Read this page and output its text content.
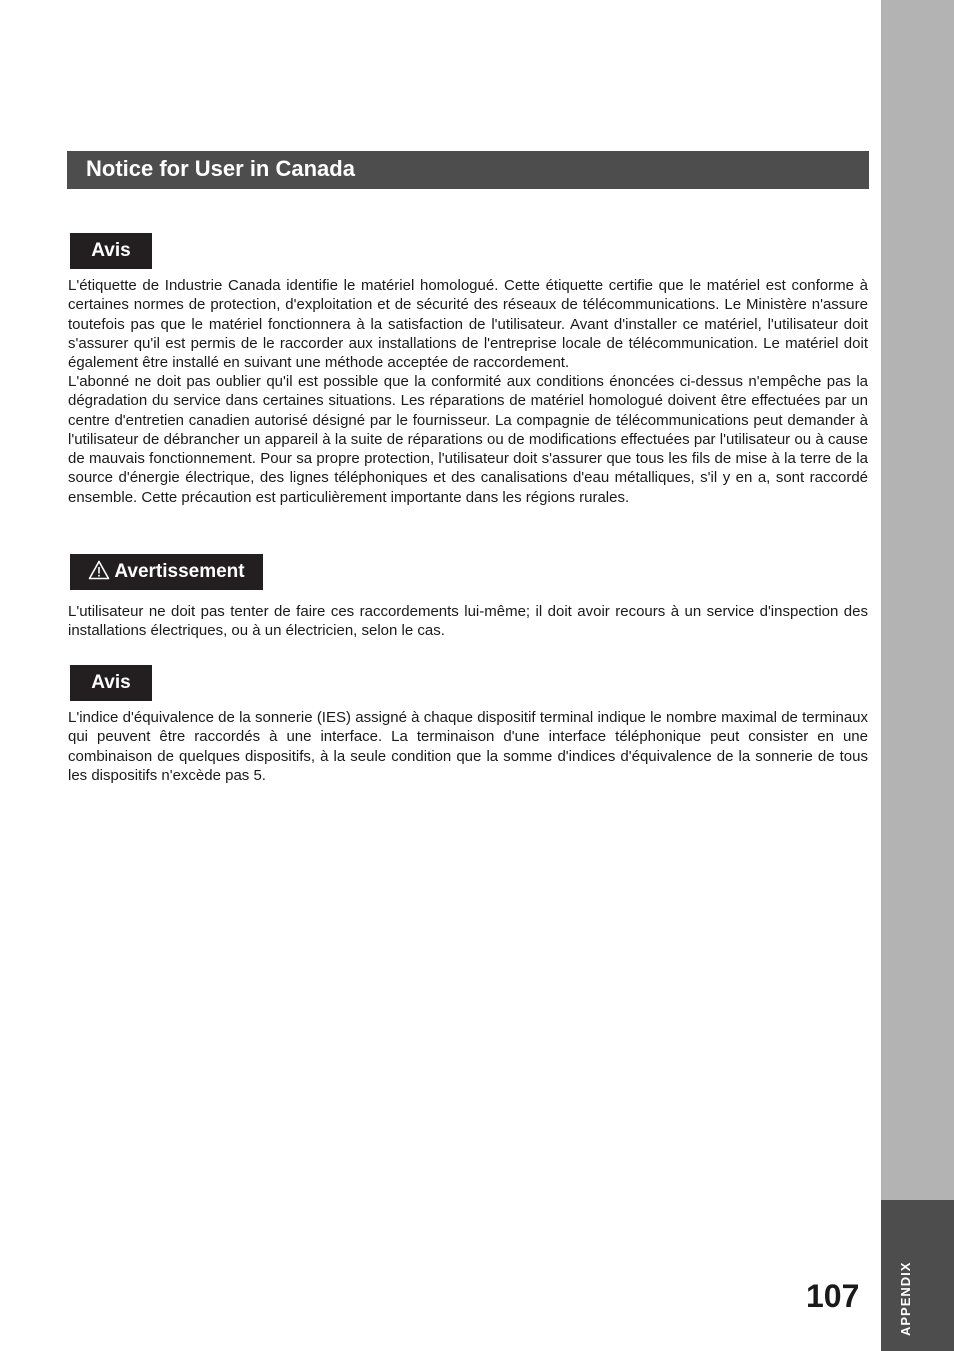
APPENDIX
Notice for User in Canada
Avis

L'étiquette de Industrie Canada identifie le matériel homologué. Cette étiquette certifie que le matériel est conforme à certaines normes de protection, d'exploitation et de sécurité des réseaux de télécommunications. Le Ministère n'assure toutefois pas que le matériel fonctionnera à la satisfaction de l'utilisateur. Avant d'installer ce matériel, l'utilisateur doit s'assurer qu'il est permis de le raccorder aux installations de l'entreprise locale de télécommunication. Le matériel doit également être installé en suivant une méthode acceptée de raccordement.

L'abonné ne doit pas oublier qu'il est possible que la conformité aux conditions énoncées ci-dessus n'empêche pas la dégradation du service dans certaines situations. Les réparations de matériel homologué doivent être effectuées par un centre d'entretien canadien autorisé désigné par le fournisseur. La compagnie de télécommunications peut demander à l'utilisateur de débrancher un appareil à la suite de réparations ou de modifications effectuées par l'utilisateur ou à cause de mauvais fonctionnement. Pour sa propre protection, l'utilisateur doit s'assurer que tous les fils de mise à la terre de la source d'énergie électrique, des lignes téléphoniques et des canalisations d'eau métalliques, s'il y en a, sont raccordé ensemble. Cette précaution est particulièrement importante dans les régions rurales.

Avertissement

L'utilisateur ne doit pas tenter de faire ces raccordements lui-même; il doit avoir recours à un service d'inspection des installations électriques, ou à un électricien, selon le cas.

Avis

L'indice d'équivalence de la sonnerie (IES) assigné à chaque dispositif terminal indique le nombre maximal de terminaux qui peuvent être raccordés à une interface. La terminaison d'une interface téléphonique peut consister en une combinaison de quelques dispositifs, à la seule condition que la somme d'indices d'équivalence de la sonnerie de tous les dispositifs n'excède pas 5.

107
